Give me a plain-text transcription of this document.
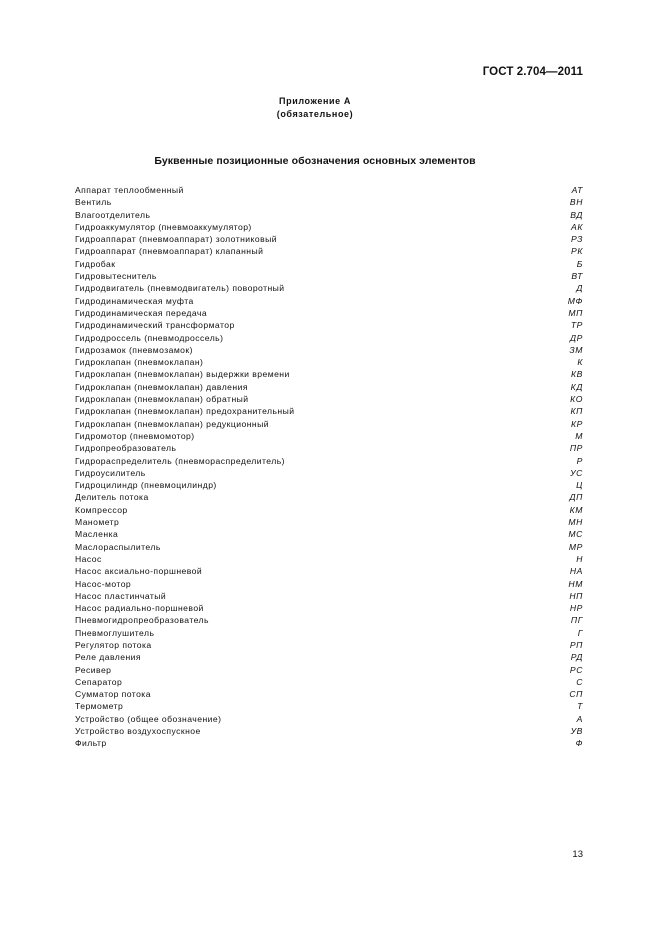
ГОСТ 2.704—2011
Приложение А
(обязательное)
Буквенные позиционные обозначения основных элементов
Аппарат теплообменный	АТ
Вентиль	ВН
Влагоотделитель	ВД
Гидроаккумулятор (пневмоаккумулятор)	АК
Гидроаппарат (пневмоаппарат) золотниковый	РЗ
Гидроаппарат (пневмоаппарат) клапанный	РК
Гидробак	Б
Гидровытеснитель	ВТ
Гидродвигатель (пневмодвигатель) поворотный	Д
Гидродинамическая муфта	МФ
Гидродинамическая передача	МП
Гидродинамический трансформатор	ТР
Гидродроссель (пневмодроссель)	ДР
Гидрозамок (пневмозамок)	ЗМ
Гидроклапан (пневмоклапан)	К
Гидроклапан (пневмоклапан) выдержки времени	КВ
Гидроклапан (пневмоклапан) давления	КД
Гидроклапан (пневмоклапан) обратный	КО
Гидроклапан (пневмоклапан) предохранительный	КП
Гидроклапан (пневмоклапан) редукционный	КР
Гидромотор (пневмомотор)	М
Гидропреобразователь	ПР
Гидрораспределитель (пневмораспределитель)	Р
Гидроусилитель	УС
Гидроцилиндр (пневмоцилиндр)	Ц
Делитель потока	ДП
Компрессор	КМ
Манометр	МН
Масленка	МС
Маслораспылитель	МР
Насос	Н
Насос аксиально-поршневой	НА
Насос-мотор	НМ
Насос пластинчатый	НП
Насос радиально-поршневой	НР
Пневмогидропреобразователь	ПГ
Пневмоглушитель	Г
Регулятор потока	РП
Реле давления	РД
Ресивер	РС
Сепаратор	С
Сумматор потока	СП
Термометр	Т
Устройство (общее обозначение)	А
Устройство воздухоспускное	УВ
Фильтр	Ф
13
